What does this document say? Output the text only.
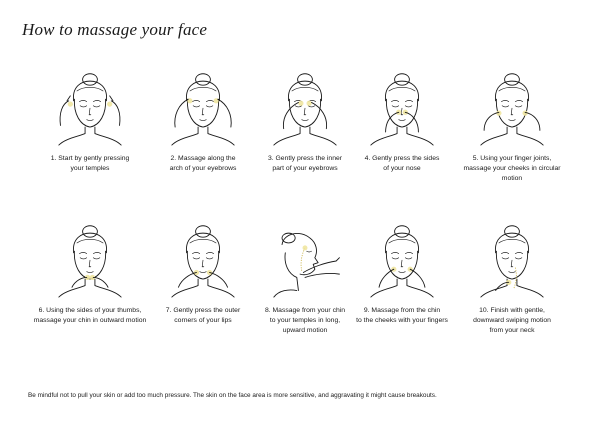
How to massage your face
1. Start by gently pressing
your temples
2. Massage along the
arch of your eyebrows
3. Gently press the inner
part of your eyebrows
4. Gently press the sides
of your nose
5. Using your finger joints,
massage your cheeks in circular motion
6. Using the sides of your thumbs,
massage your chin in outward motion
7. Gently press the outer
corners of your lips
8. Massage from your chin
to your temples in long,
upward motion
9. Massage from the chin
to the cheeks with your fingers
10. Finish with gentle,
downward swiping motion
from your neck
Be mindful not to pull your skin or add too much pressure. The skin on the face area is more sensitive, and aggravating it might cause breakouts.
